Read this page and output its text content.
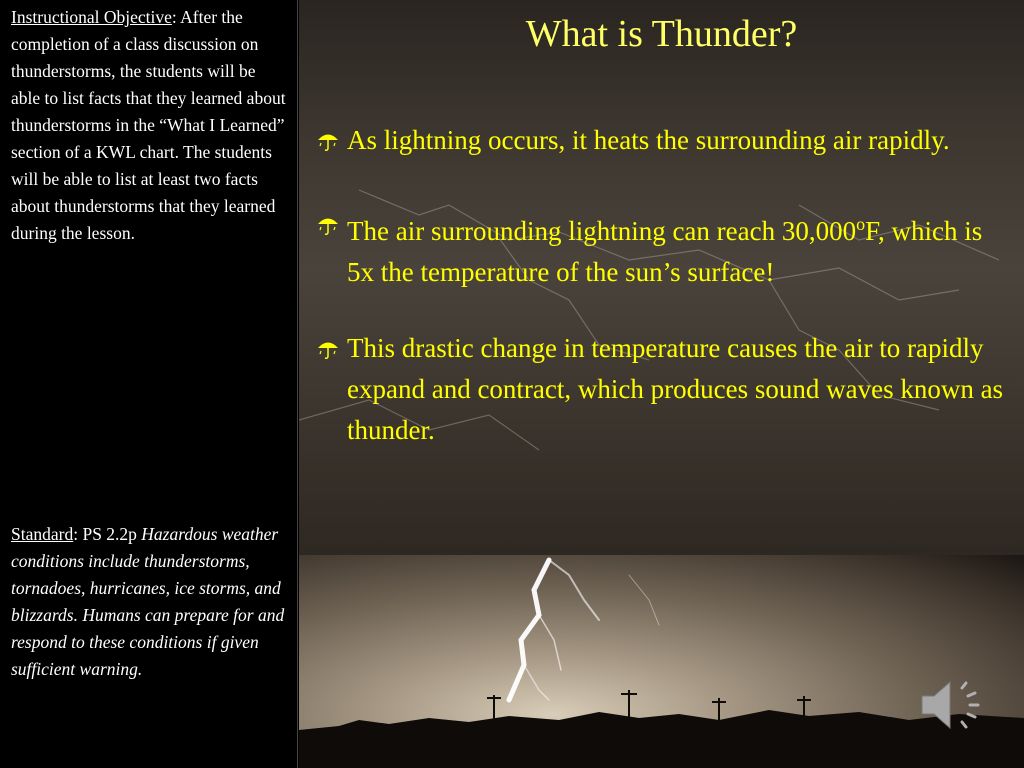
Instructional Objective: After the completion of a class discussion on thunderstorms, the students will be able to list facts that they learned about thunderstorms in the “What I Learned” section of a KWL chart. The students will be able to list at least two facts about thunderstorms that they learned during the lesson.
Standard: PS 2.2p Hazardous weather conditions include thunderstorms, tornadoes, hurricanes, ice storms, and blizzards. Humans can prepare for and respond to these conditions if given sufficient warning.
What is Thunder?
As lightning occurs, it heats the surrounding air rapidly.
The air surrounding lightning can reach 30,000$^o$F, which is 5x the temperature of the sun’s surface!
This drastic change in temperature causes the air to rapidly expand and contract, which produces sound waves known as thunder.
